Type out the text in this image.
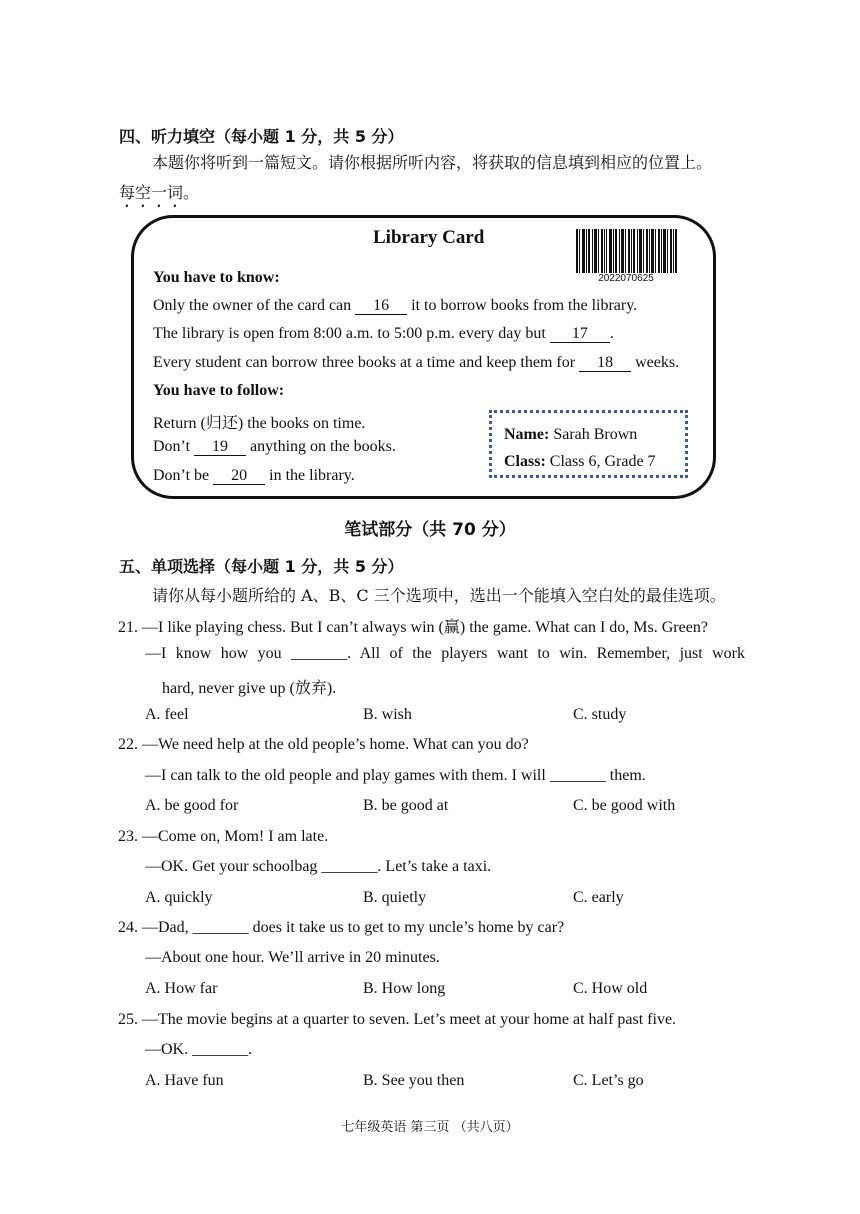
四、听力填空（每小题 1 分，共 5 分）
本题你将听到一篇短文。请你根据所听内容，将获取的信息填到相应的位置上。
每空一词。
Library Card
2022070625
You have to know:
Only the owner of the card can 16 it to borrow books from the library.
The library is open from 8:00 a.m. to 5:00 p.m. every day but 17 .
Every student can borrow three books at a time and keep them for 18 weeks.
You have to follow:
Return (归还) the books on time.
Don’t 19 anything on the books.
Don’t be 20 in the library.
Name: Sarah Brown
Class: Class 6, Grade 7
笔试部分（共 70 分）
五、单项选择（每小题 1 分，共 5 分）
请你从每小题所给的 A、B、C 三个选项中，选出一个能填入空白处的最佳选项。
21. —I like playing chess. But I can’t always win (赢) the game. What can I do, Ms. Green?
—I know how you _______. All of the players want to win. Remember, just work
hard, never give up (放弃).
A. feel	B. wish	C. study
22. —We need help at the old people’s home. What can you do?
—I can talk to the old people and play games with them. I will _______ them.
A. be good for	B. be good at	C. be good with
23. —Come on, Mom! I am late.
—OK. Get your schoolbag _______. Let’s take a taxi.
A. quickly	B. quietly	C. early
24. —Dad, _______ does it take us to get to my uncle’s home by car?
—About one hour. We’ll arrive in 20 minutes.
A. How far	B. How long	C. How old
25. —The movie begins at a quarter to seven. Let’s meet at your home at half past five.
—OK. _______.
A. Have fun	B. See you then	C. Let’s go
七年级英语 第三页 （共八页）
